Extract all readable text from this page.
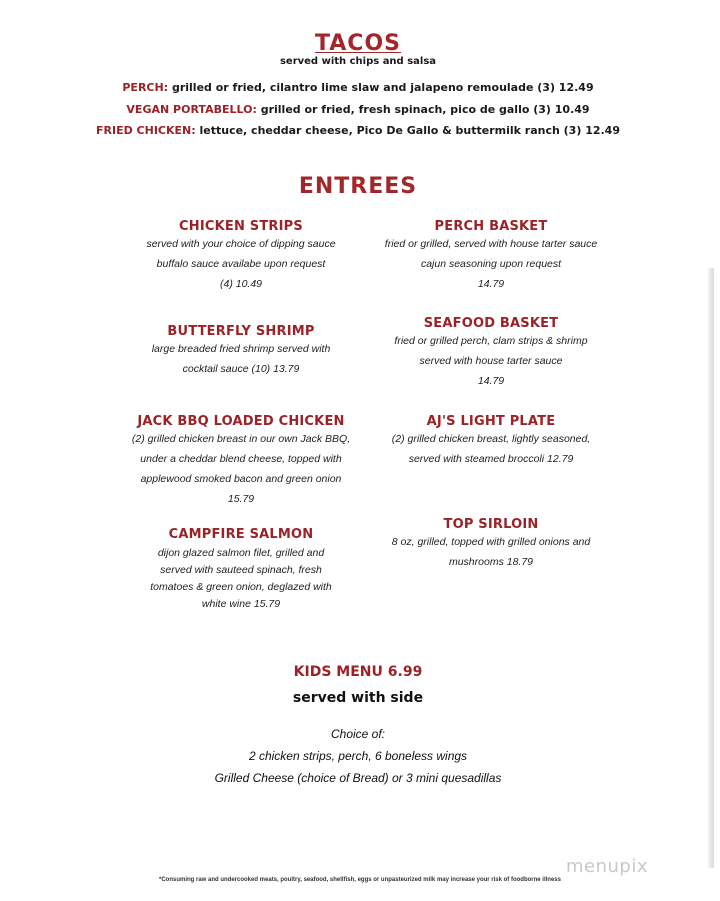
TACOS
served with chips and salsa
PERCH: grilled or fried, cilantro lime slaw and jalapeno remoulade (3) 12.49
VEGAN PORTABELLO: grilled or fried, fresh spinach, pico de gallo (3) 10.49
FRIED CHICKEN: lettuce, cheddar cheese, Pico De Gallo & buttermilk ranch (3) 12.49
ENTREES
CHICKEN STRIPS
served with your choice of dipping sauce
buffalo sauce availabe upon request
(4) 10.49
BUTTERFLY SHRIMP
large breaded fried shrimp served with
cocktail sauce (10) 13.79
JACK BBQ LOADED CHICKEN
(2) grilled chicken breast in our own Jack BBQ,
under a cheddar blend cheese, topped with
applewood smoked bacon and green onion
15.79
CAMPFIRE SALMON
dijon glazed salmon filet, grilled and
served with sauteed spinach, fresh
tomatoes & green onion, deglazed with
white wine 15.79
PERCH BASKET
fried or grilled, served with house tarter sauce
cajun seasoning upon request
14.79
SEAFOOD BASKET
fried or grilled perch, clam strips & shrimp
served with house tarter sauce
14.79
AJ'S LIGHT PLATE
(2) grilled chicken breast, lightly seasoned,
served with steamed broccoli 12.79
TOP SIRLOIN
8 oz, grilled, topped with grilled onions and
mushrooms 18.79
KIDS MENU 6.99
served with side
Choice of:
2 chicken strips, perch, 6 boneless wings
Grilled Cheese (choice of Bread) or 3 mini quesadillas
*Consuming raw and undercooked meats, poultry, seafood, shellfish, eggs or unpasteurized milk may increase your risk of foodborne illness
menupix
